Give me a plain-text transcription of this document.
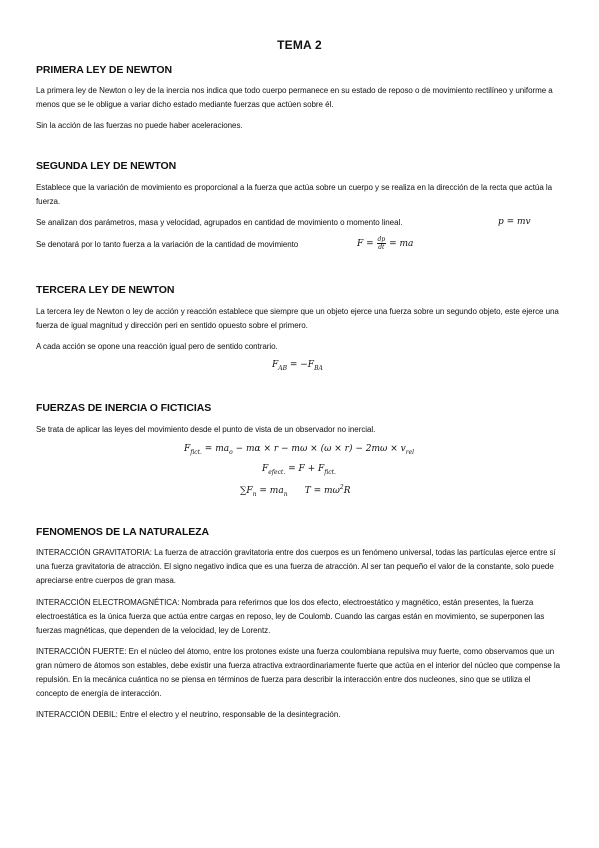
TEMA 2
PRIMERA LEY DE NEWTON
La primera ley de Newton o ley de la inercia nos indica que todo cuerpo permanece en su estado de reposo o de movimiento rectilíneo y uniforme a menos que se le obligue a variar dicho estado mediante fuerzas que actúen sobre él.
Sin la acción de las fuerzas no puede haber aceleraciones.
SEGUNDA LEY DE NEWTON
Establece que la variación de movimiento es proporcional a la fuerza que actúa sobre un cuerpo y se realiza en la dirección de la recta que actúa la fuerza.
Se analizan dos parámetros, masa y velocidad, agrupados en cantidad de movimiento o momento lineal.	p = mv
Se denotará por lo tanto fuerza a la variación de la cantidad de movimiento	$F = \frac{dp}{dt}$ = ma
TERCERA LEY DE NEWTON
La tercera ley de Newton o ley de acción y reacción establece que siempre que un objeto ejerce una fuerza sobre un segundo objeto, este ejerce una fuerza de igual magnitud y dirección peri en sentido opuesto sobre el primero.
A cada acción se opone una reacción igual pero de sentido contrario.
$F_{AB} = -F_{BA}$
FUERZAS DE INERCIA O FICTICIAS
Se trata de aplicar las leyes del movimiento desde el punto de vista de un observador no inercial.
$F_{fict.} = ma_o - m\alpha \times r - m\omega \times (\omega \times r) - 2m\omega \times v_{rel}$
$F_{efect.} = F + F_{fict.}$
$\sum F_n = ma_n$      $T = m\omega^2R$
FENOMENOS DE LA NATURALEZA
INTERACCIÓN GRAVITATORIA: La fuerza de atracción gravitatoria entre dos cuerpos es un fenómeno universal, todas las partículas ejerce entre sí una fuerza gravitatoria de atracción. El signo negativo indica que es una fuerza de atracción. Al ser tan pequeño el valor de la constante, solo puede apreciarse entre cuerpos de gran masa.
INTERACCIÓN ELECTROMAGNÉTICA: Nombrada para referirnos que los dos efecto, electroestático y magnético, están presentes, la fuerza electroestática es la única fuerza que actúa entre cargas en reposo, ley de Coulomb. Cuando las cargas están en movimiento, se superponen las fuerzas magnéticas, que dependen de la velocidad, ley de Lorentz.
INTERACCIÓN FUERTE: En el núcleo del átomo, entre los protones existe una fuerza coulombiana repulsiva muy fuerte, como observamos que un gran número de átomos son estables, debe existir una fuerza atractiva extraordinariamente fuerte que actúa en el interior del núcleo que compense la repulsión. En la mecánica cuántica no se piensa en términos de fuerza para describir la interacción entre dos nucleones, sino que se utiliza el concepto de energía de interacción.
INTERACCIÓN DEBIL: Entre el electro y el neutrino, responsable de la desintegración.
